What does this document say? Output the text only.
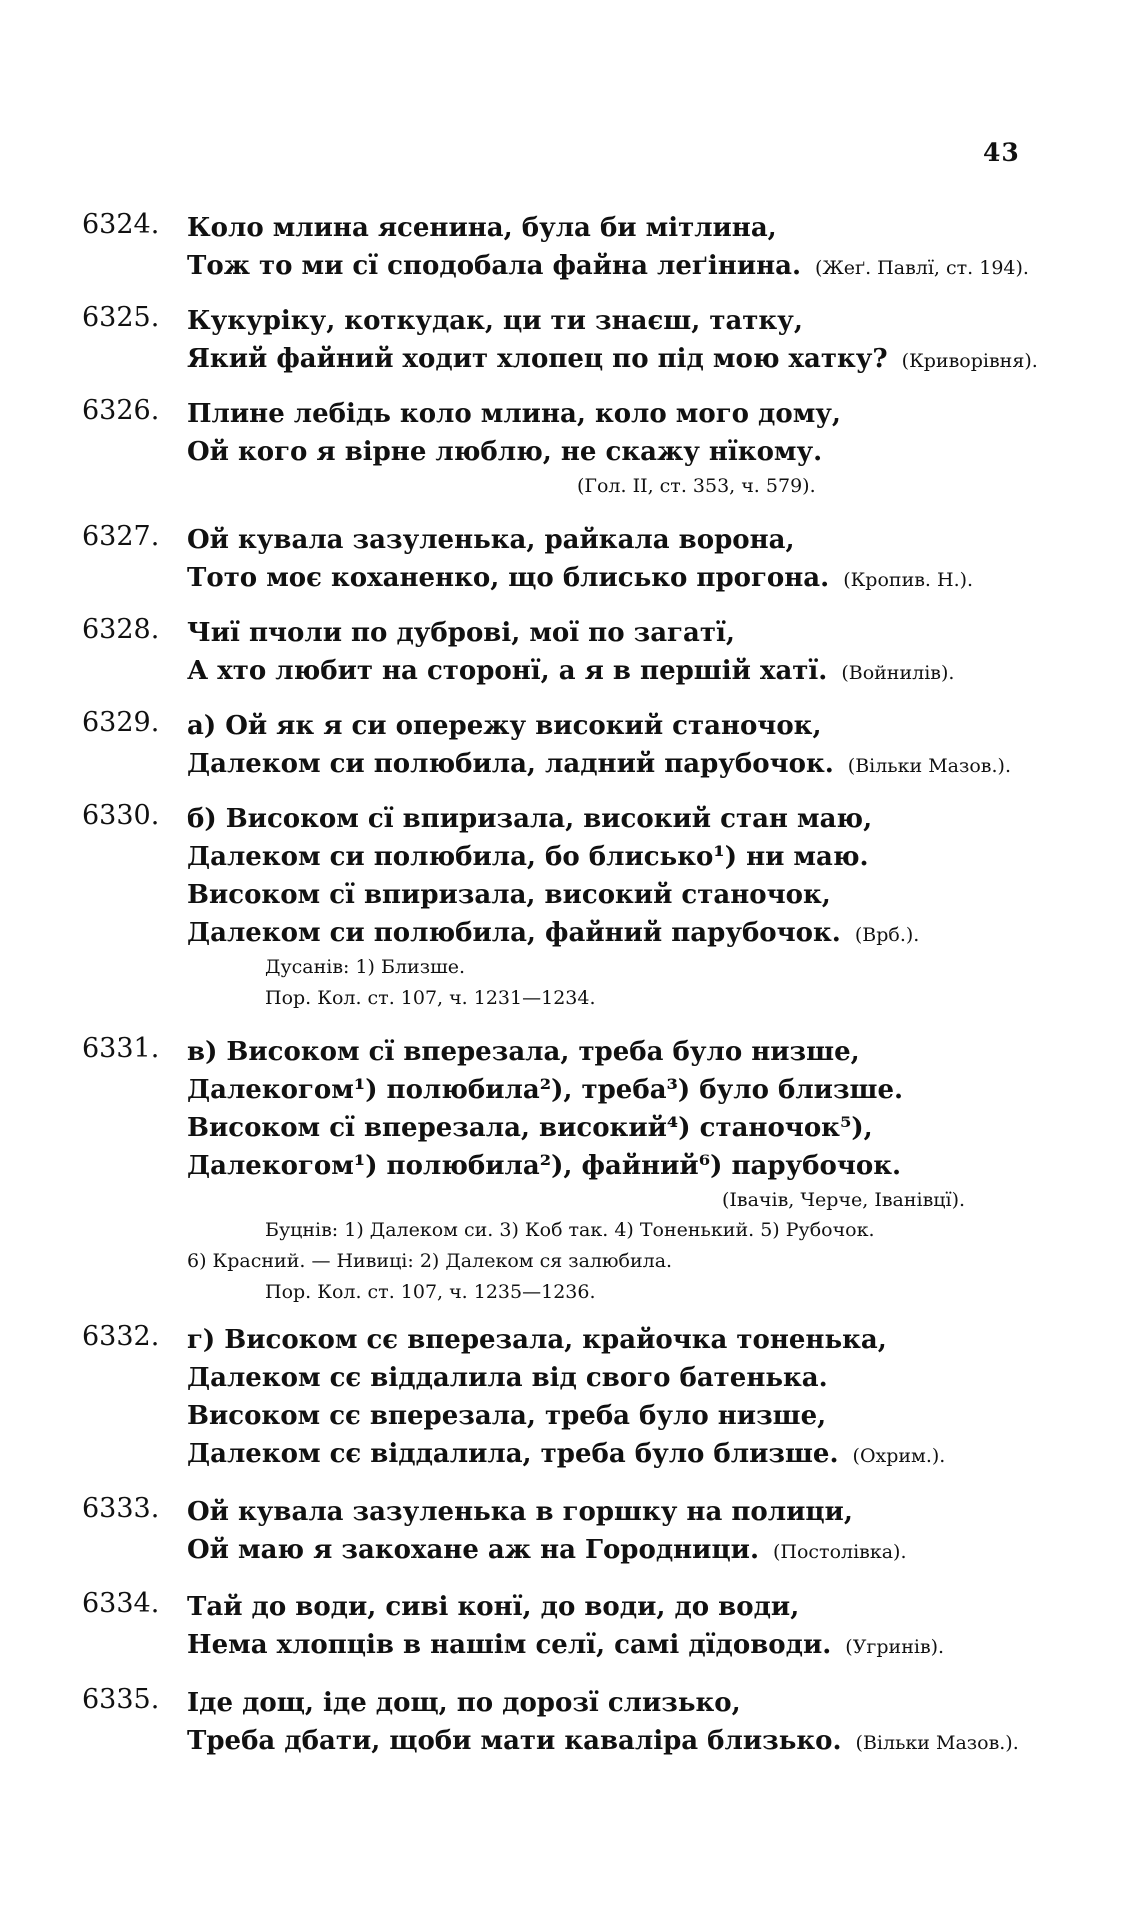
43
6324.	Коло млина ясенина, була би мітлина,
Тож то ми сї сподобала файна леґінина. (Жеґ. Павлї, ст. 194).
6325.	Кукуріку, коткудак, ци ти знаєш, татку,
Який файний ходит хлопец по під мою хатку? (Криворівня).
6326.	Плине лебідь коло млина, коло мого дому,
Ой кого я вірне люблю, не скажу нїкому.
(Гол. II, ст. 353, ч. 579).
6327.	Ой кувала зазуленька, райкала ворона,
Тото моє коханенко, що блисько прогона. (Кропив. Н.).
6328.	Чиї пчоли по дуброві, мої по загатї,
А хто любит на сторонї, а я в першій хатї. (Войнилів).
6329.	а) Ой як я си опережу високий станочок,
Далеком си полюбила, ладний парубочок. (Вільки Мазов.).
6330.	б) Високом сї впиризала, високий стан маю,
Далеком си полюбила, бо блисько¹) ни маю.
Високом сї впиризала, високий станочок,
Далеком си полюбила, файний парубочок. (Врб.).
Дусанів: 1) Близше.
Пор. Кол. ст. 107, ч. 1231—1234.
6331.	в) Високом сї вперезала, треба було низше,
Далекогом¹) полюбила²), треба³) було близше.
Високом сї вперезала, високий⁴) станочок⁵),
Далекогом¹) полюбила²), файний⁶) парубочок.
(Івачів, Черче, Іванівцї).
Буцнів: 1) Далеком си. 3) Коб так. 4) Тоненький. 5) Рубочок.
6) Красний. — Нивиці: 2) Далеком ся залюбила.
Пор. Кол. ст. 107, ч. 1235—1236.
6332.	г) Високом сє вперезала, крайочка тоненька,
Далеком сє віддалила від свого батенька.
Високом сє вперезала, треба було низше,
Далеком сє віддалила, треба було близше. (Охрим.).
6333.	Ой кувала зазуленька в горшку на полици,
Ой маю я закохане аж на Городници. (Постолівка).
6334.	Тай до води, сиві конї, до води, до води,
Нема хлопців в нашім селї, самі дїдоводи. (Угринів).
6335.	Іде дощ, іде дощ, по дорозї слизько,
Треба дбати, щоби мати каваліра близько. (Вільки Мазов.).
